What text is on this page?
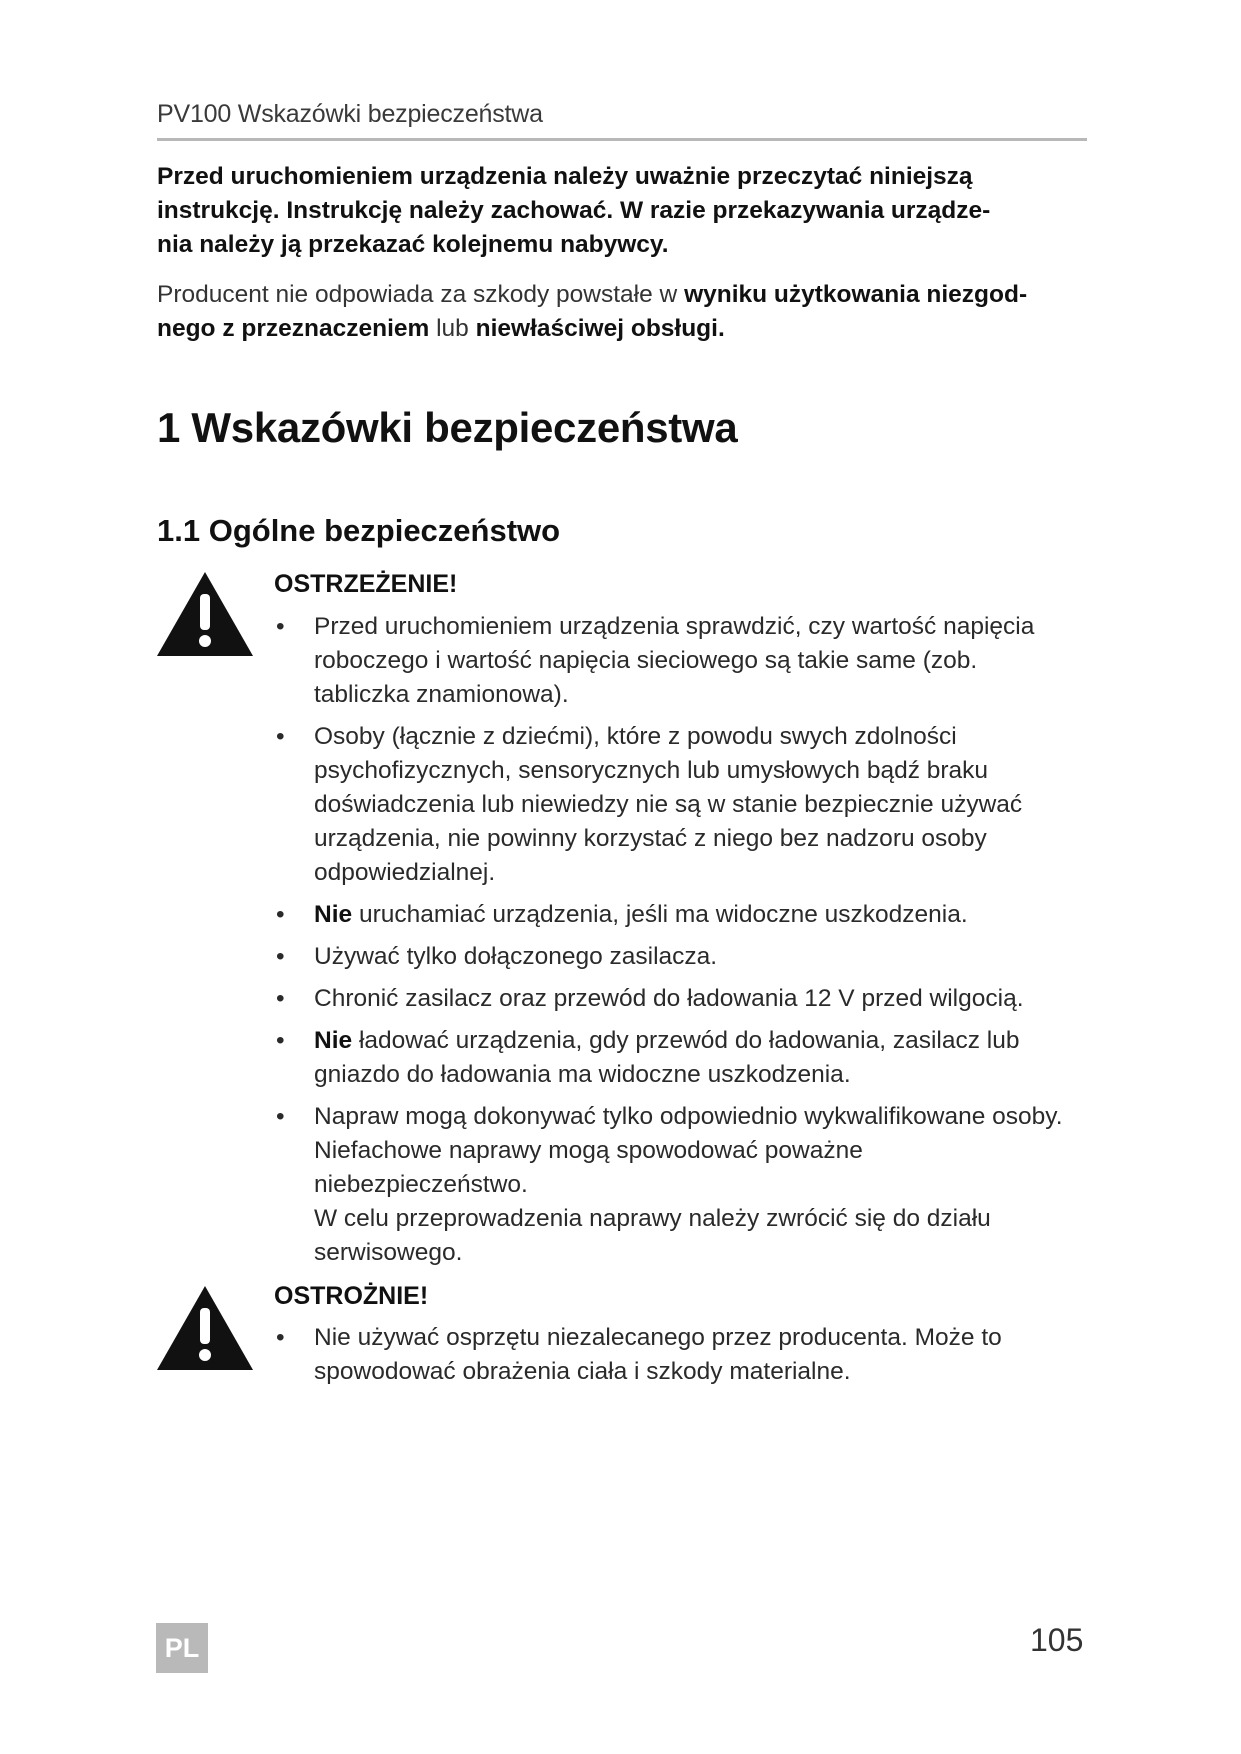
PV100 Wskazówki bezpieczeństwa
Przed uruchomieniem urządzenia należy uważnie przeczytać niniejszą
instrukcję. Instrukcję należy zachować. W razie przekazywania urządze-
nia należy ją przekazać kolejnemu nabywcy.
Producent nie odpowiada za szkody powstałe w wyniku użytkowania niezgod-
nego z przeznaczeniem lub niewłaściwej obsługi.
1 Wskazówki bezpieczeństwa
1.1 Ogólne bezpieczeństwo
OSTRZEŻENIE!
• Przed uruchomieniem urządzenia sprawdzić, czy wartość napięcia roboczego i wartość napięcia sieciowego są takie same (zob. tabliczka znamionowa).
• Osoby (łącznie z dziećmi), które z powodu swych zdolności psychofizycznych, sensorycznych lub umysłowych bądź braku doświadczenia lub niewiedzy nie są w stanie bezpiecznie używać urządzenia, nie powinny korzystać z niego bez nadzoru osoby odpowiedzialnej.
• Nie uruchamiać urządzenia, jeśli ma widoczne uszkodzenia.
• Używać tylko dołączonego zasilacza.
• Chronić zasilacz oraz przewód do ładowania 12 V przed wilgocią.
• Nie ładować urządzenia, gdy przewód do ładowania, zasilacz lub gniazdo do ładowania ma widoczne uszkodzenia.
• Napraw mogą dokonywać tylko odpowiednio wykwalifikowane osoby. Niefachowe naprawy mogą spowodować poważne niebezpieczeństwo.
W celu przeprowadzenia naprawy należy zwrócić się do działu serwisowego.
OSTROŻNIE!
• Nie używać osprzętu niezalecanego przez producenta. Może to spowodować obrażenia ciała i szkody materialne.
PL	105
